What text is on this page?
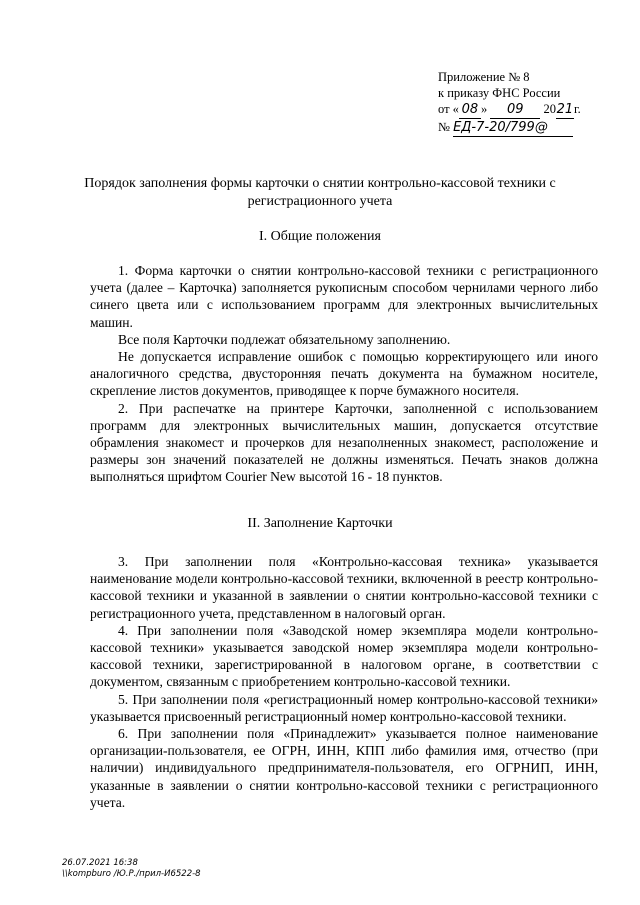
Приложение № 8
к приказу ФНС России
от « 08 » 09 2021г.
№ ЕД-7-20/799@
Порядок заполнения формы карточки о снятии контрольно-кассовой техники с регистрационного учета
I. Общие положения

1. Форма карточки о снятии контрольно-кассовой техники с регистрационного учета (далее – Карточка) заполняется рукописным способом чернилами черного либо синего цвета или с использованием программ для электронных вычислительных машин.

Все поля Карточки подлежат обязательному заполнению.

Не допускается исправление ошибок с помощью корректирующего или иного аналогичного средства, двусторонняя печать документа на бумажном носителе, скрепление листов документов, приводящее к порче бумажного носителя.

2. При распечатке на принтере Карточки, заполненной с использованием программ для электронных вычислительных машин, допускается отсутствие обрамления знакомест и прочерков для незаполненных знакомест, расположение и размеры зон значений показателей не должны изменяться. Печать знаков должна выполняться шрифтом Courier New высотой 16 - 18 пунктов.

II. Заполнение Карточки

3. При заполнении поля «Контрольно-кассовая техника» указывается наименование модели контрольно-кассовой техники, включенной в реестр контрольно-кассовой техники и указанной в заявлении о снятии контрольно-кассовой техники с регистрационного учета, представленном в налоговый орган.

4. При заполнении поля «Заводской номер экземпляра модели контрольно-кассовой техники» указывается заводской номер экземпляра модели контрольно-кассовой техники, зарегистрированной в налоговом органе, в соответствии с документом, связанным с приобретением контрольно-кассовой техники.

5. При заполнении поля «регистрационный номер контрольно-кассовой техники» указывается присвоенный регистрационный номер контрольно-кассовой техники.

6. При заполнении поля «Принадлежит» указывается полное наименование организации-пользователя, ее ОГРН, ИНН, КПП либо фамилия имя, отчество (при наличии) индивидуального предпринимателя-пользователя, его ОГРНИП, ИНН, указанные в заявлении о снятии контрольно-кассовой техники с регистрационного учета.

26.07.2021 16:38
\\kompburo /Ю.Р./прил-И6522-8
